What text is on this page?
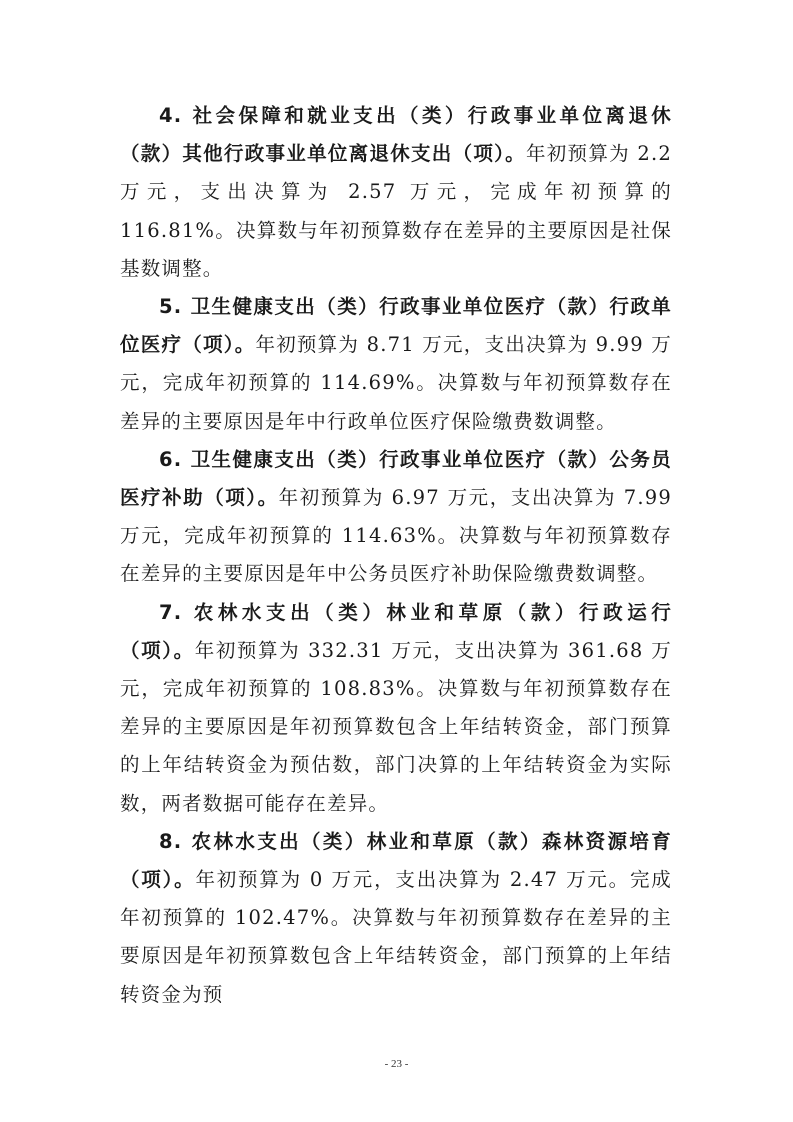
4. 社会保障和就业支出（类）行政事业单位离退休（款）其他行政事业单位离退休支出（项）。年初预算为 2.2 万元，支出决算为 2.57 万元，完成年初预算的 116.81%。决算数与年初预算数存在差异的主要原因是社保基数调整。

5. 卫生健康支出（类）行政事业单位医疗（款）行政单位医疗（项）。年初预算为 8.71 万元，支出决算为 9.99 万元，完成年初预算的 114.69%。决算数与年初预算数存在差异的主要原因是年中行政单位医疗保险缴费数调整。

6. 卫生健康支出（类）行政事业单位医疗（款）公务员医疗补助（项）。年初预算为 6.97 万元，支出决算为 7.99 万元，完成年初预算的 114.63%。决算数与年初预算数存在差异的主要原因是年中公务员医疗补助保险缴费数调整。

7. 农林水支出（类）林业和草原（款）行政运行（项）。年初预算为 332.31 万元，支出决算为 361.68 万元，完成年初预算的 108.83%。决算数与年初预算数存在差异的主要原因是年初预算数包含上年结转资金，部门预算的上年结转资金为预估数，部门决算的上年结转资金为实际数，两者数据可能存在差异。

8. 农林水支出（类）林业和草原（款）森林资源培育（项）。年初预算为 0 万元，支出决算为 2.47 万元。完成年初预算的 102.47%。决算数与年初预算数存在差异的主要原因是年初预算数包含上年结转资金，部门预算的上年结转资金为预

- 23 -
